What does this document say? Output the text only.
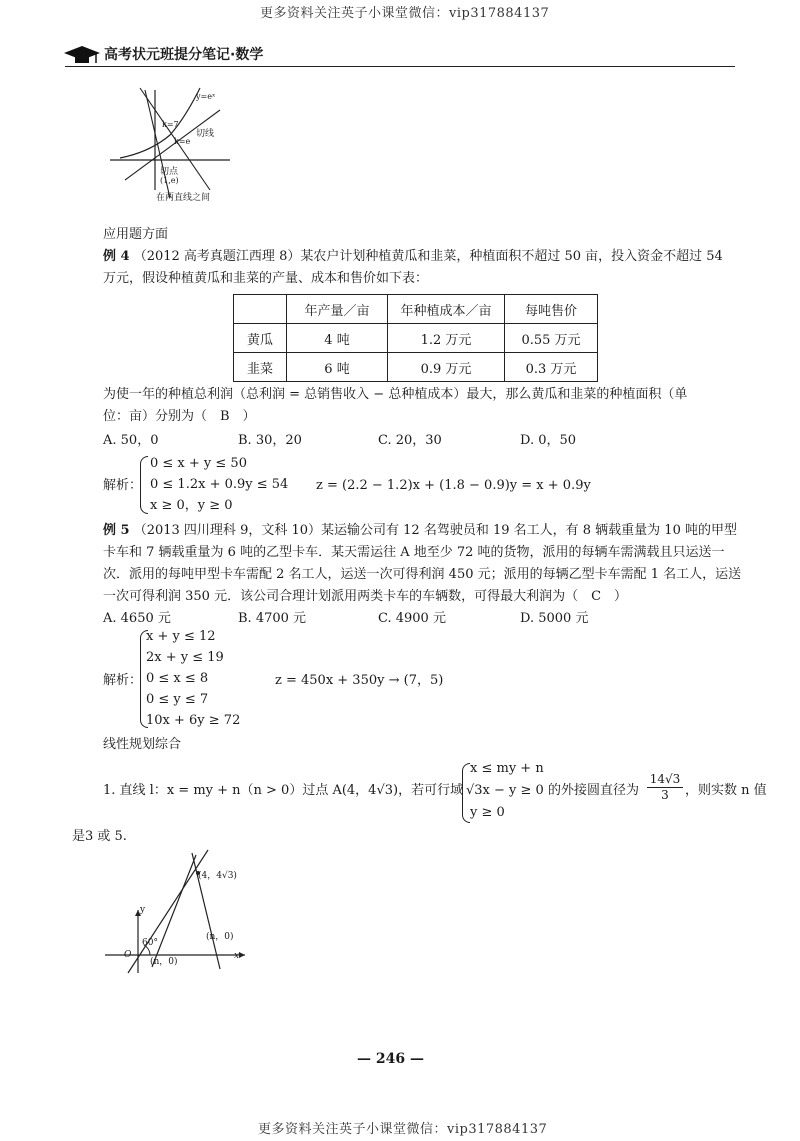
更多资料关注英子小课堂微信：vip317884137
高考状元班提分笔记·数学
y=eˣ
k=7
切线
k=e
切点
(1,e)
在两直线之间
应用题方面
例 4 （2012 高考真题江西理 8）某农户计划种植黄瓜和韭菜，种植面积不超过 50 亩，投入资金不超过 54
万元，假设种植黄瓜和韭菜的产量、成本和售价如下表：
	年产量／亩	年种植成本／亩	每吨售价
黄瓜	4 吨	1.2 万元	0.55 万元
韭菜	6 吨	0.9 万元	0.3 万元
为使一年的种植总利润（总利润 = 总销售收入 − 总种植成本）最大，那么黄瓜和韭菜的种植面积（单
位：亩）分别为（　B　）
A. 50，0	B. 30，20	C. 20，30	D. 0，50
解析：
0 ≤ x + y ≤ 50
0 ≤ 1.2x + 0.9y ≤ 54
x ≥ 0，y ≥ 0
z = (2.2 − 1.2)x + (1.8 − 0.9)y = x + 0.9y
例 5 （2013 四川理科 9，文科 10）某运输公司有 12 名驾驶员和 19 名工人，有 8 辆载重量为 10 吨的甲型
卡车和 7 辆载重量为 6 吨的乙型卡车．某天需运往 A 地至少 72 吨的货物，派用的每辆车需满载且只运送一
次．派用的每吨甲型卡车需配 2 名工人，运送一次可得利润 450 元；派用的每辆乙型卡车需配 1 名工人，运送
一次可得利润 350 元．该公司合理计划派用两类卡车的车辆数，可得最大利润为（　C　）
A. 4650 元	B. 4700 元	C. 4900 元	D. 5000 元
解析：
x + y ≤ 12
2x + y ≤ 19
0 ≤ x ≤ 8
0 ≤ y ≤ 7
10x + 6y ≥ 72
z = 450x + 350y → (7，5)
线性规划综合
1. 直线 l：x = my + n（n > 0）过点 A(4，4√3)，若可行域
x ≤ my + n
√3x − y ≥ 0
y ≥ 0
的外接圆直径为 $\frac{14√3}{3}$ ，则实数 n 值
是3 或 5.
(4，4√3)
y
60°
O
(n，0)
(n，0)
x
— 246 —
更多资料关注英子小课堂微信：vip317884137
